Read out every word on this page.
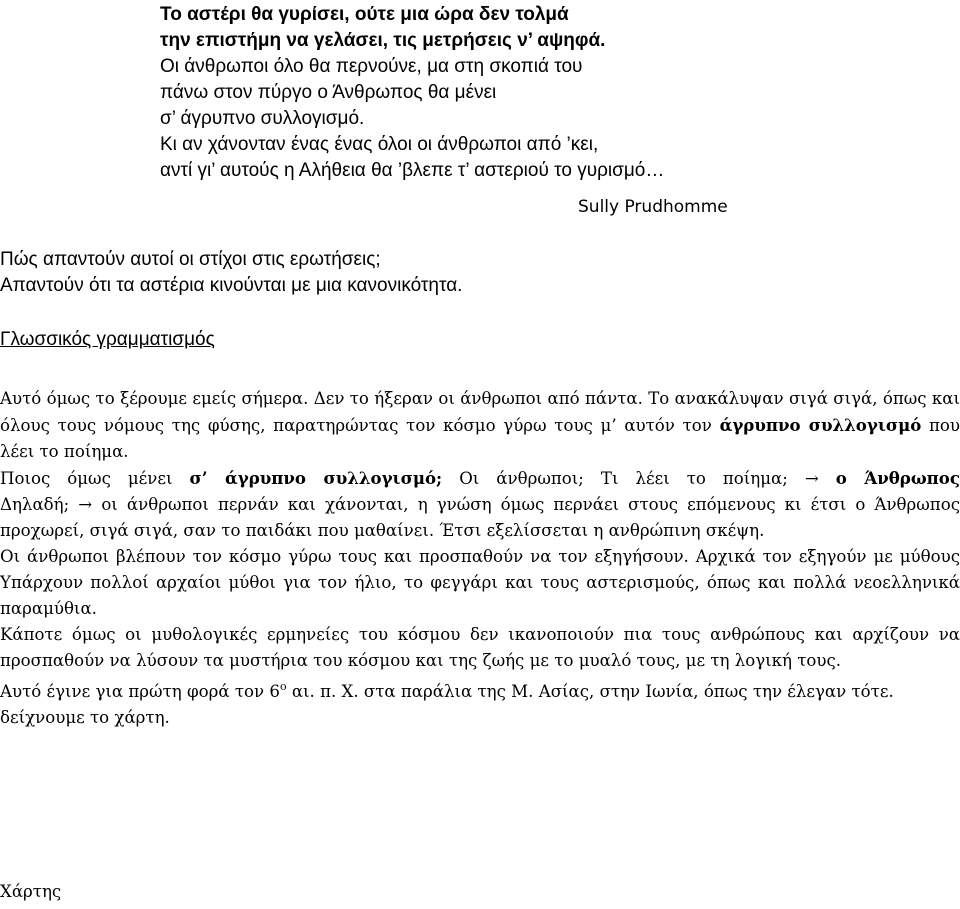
Το αστέρι θα γυρίσει, ούτε μια ώρα δεν τολμά
την επιστήμη να γελάσει, τις μετρήσεις ν’ αψηφά.
Οι άνθρωποι όλο θα περνούνε, μα στη σκοπιά του
πάνω στον πύργο ο Άνθρωπος θα μένει
σ’ άγρυπνο συλλογισμό.
Κι αν χάνονταν ένας ένας όλοι οι άνθρωποι από ’κει,
αντί γι’ αυτούς η Αλήθεια θα ’βλεπε τ’ αστεριού το γυρισμό…
Sully Prudhomme
Πώς απαντούν αυτοί οι στίχοι στις ερωτήσεις;
Απαντούν ότι τα αστέρια κινούνται με μια κανονικότητα.
Γλωσσικός γραμματισμός

Αυτό όμως το ξέρουμε εμείς σήμερα. Δεν το ήξεραν οι άνθρωποι από πάντα. Το ανακάλυψαν σιγά σιγά, όπως και όλους τους νόμους της φύσης, παρατηρώντας τον κόσμο γύρω τους μ’ αυτόν τον άγρυπνο συλλογισμό που λέει το ποίημα.

Ποιος όμως μένει σ’ άγρυπνο συλλογισμό; Οι άνθρωποι; Τι λέει το ποίημα; → ο Άνθρωπος

Δηλαδή; → οι άνθρωποι περνάν και χάνονται, η γνώση όμως περνάει στους επόμενους κι έτσι ο Άνθρωπος προχωρεί, σιγά σιγά, σαν το παιδάκι που μαθαίνει. Έτσι εξελίσσεται η ανθρώπινη σκέψη.

Οι άνθρωποι βλέπουν τον κόσμο γύρω τους και προσπαθούν να τον εξηγήσουν. Αρχικά τον εξηγούν με μύθους Υπάρχουν πολλοί αρχαίοι μύθοι για τον ήλιο, το φεγγάρι και τους αστερισμούς, όπως και πολλά νεοελληνικά παραμύθια.

Κάποτε όμως οι μυθολογικές ερμηνείες του κόσμου δεν ικανοποιούν πια τους ανθρώπους και αρχίζουν να προσπαθούν να λύσουν τα μυστήρια του κόσμου και της ζωής με το μυαλό τους, με τη λογική τους.

Αυτό έγινε για πρώτη φορά τον $6^o$ αι. π. Χ. στα παράλια της Μ. Ασίας, στην Ιωνία, όπως την έλεγαν τότε.

δείχνουμε το χάρτη.

Χάρτης
